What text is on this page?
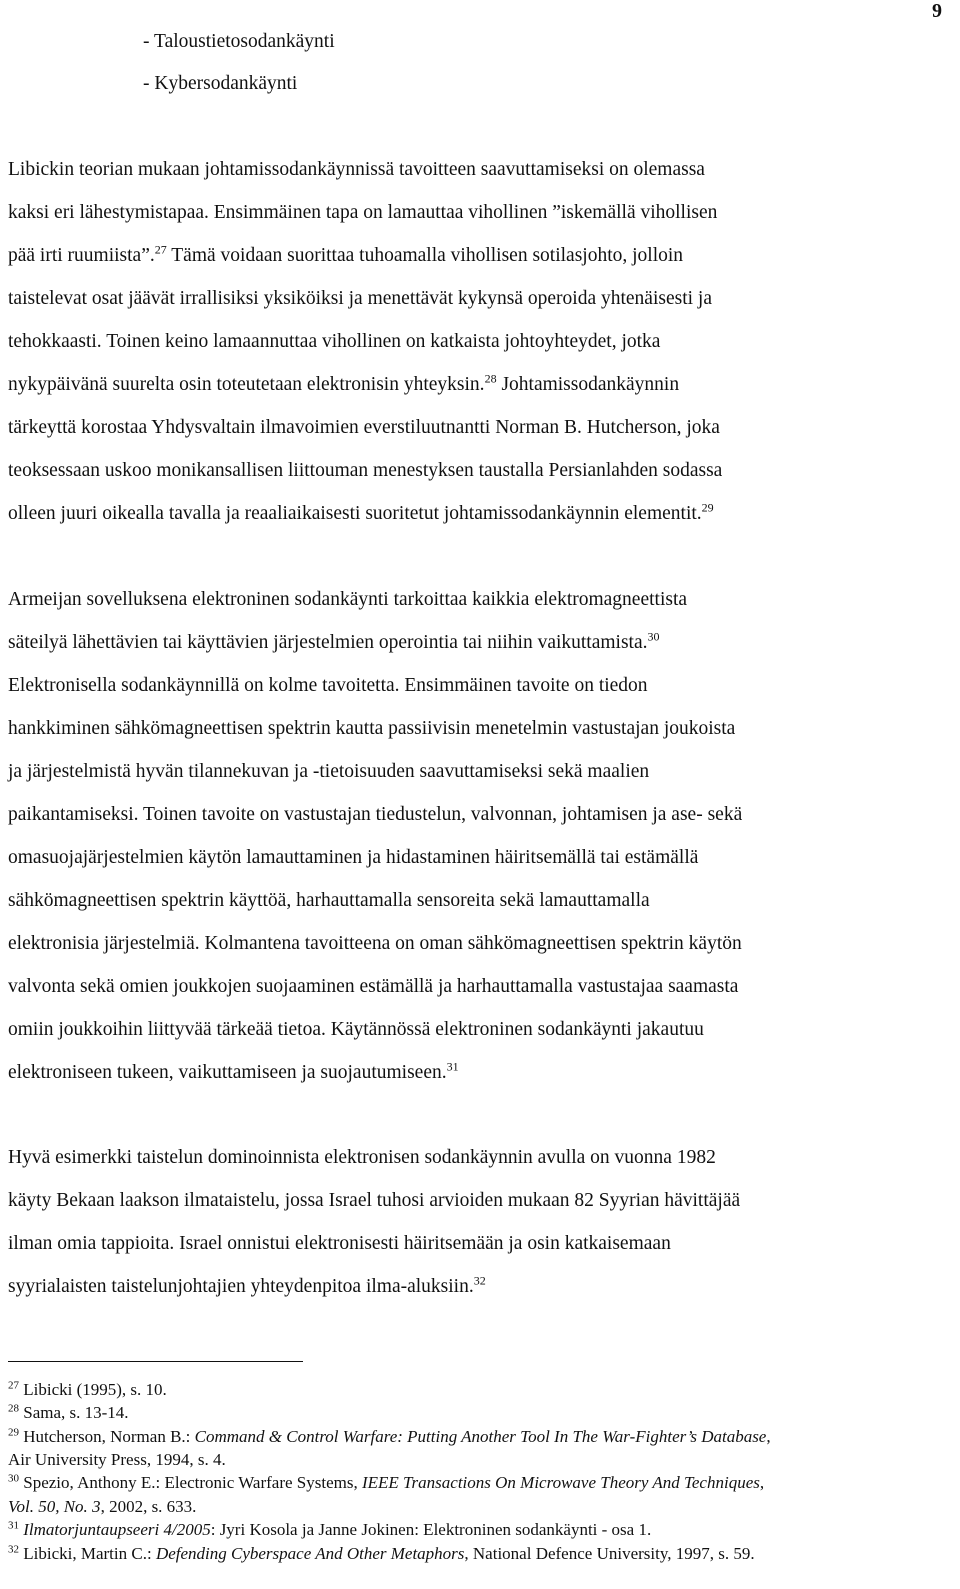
9
- Taloustietosodankäynti
- Kybersodankäynti
Libickin teorian mukaan johtamissodankäynnissä tavoitteen saavuttamiseksi on olemassa
kaksi eri lähestymistapaa. Ensimmäinen tapa on lamauttaa vihollinen ”iskemällä vihollisen
pää irti ruumiista”.$^{27}$ Tämä voidaan suorittaa tuhoamalla vihollisen sotilasjohto, jolloin
taistelevat osat jäävät irrallisiksi yksiköiksi ja menettävät kykynsä operoida yhtenäisesti ja
tehokkaasti. Toinen keino lamaannuttaa vihollinen on katkaista johtoyhteydet, jotka
nykypäivänä suurelta osin toteutetaan elektronisin yhteyksin.$^{28}$ Johtamissodankäynnin
tärkeyttä korostaa Yhdysvaltain ilmavoimien everstiluutnantti Norman B. Hutcherson, joka
teoksessaan uskoo monikansallisen liittouman menestyksen taustalla Persianlahden sodassa
olleen juuri oikealla tavalla ja reaaliaikaisesti suoritetut johtamissodankäynnin elementit.$^{29}$
Armeijan sovelluksena elektroninen sodankäynti tarkoittaa kaikkia elektromagneettista
säteilyä lähettävien tai käyttävien järjestelmien operointia tai niihin vaikuttamista.$^{30}$
Elektronisella sodankäynnillä on kolme tavoitetta. Ensimmäinen tavoite on tiedon
hankkiminen sähkömagneettisen spektrin kautta passiivisin menetelmin vastustajan joukoista
ja järjestelmistä hyvän tilannekuvan ja -tietoisuuden saavuttamiseksi sekä maalien
paikantamiseksi. Toinen tavoite on vastustajan tiedustelun, valvonnan, johtamisen ja ase- sekä
omasuojajärjestelmien käytön lamauttaminen ja hidastaminen häiritsemällä tai estämällä
sähkömagneettisen spektrin käyttöä, harhauttamalla sensoreita sekä lamauttamalla
elektronisia järjestelmiä. Kolmantena tavoitteena on oman sähkömagneettisen spektrin käytön
valvonta sekä omien joukkojen suojaaminen estämällä ja harhauttamalla vastustajaa saamasta
omiin joukkoihin liittyvää tärkeää tietoa. Käytännössä elektroninen sodankäynti jakautuu
elektroniseen tukeen, vaikuttamiseen ja suojautumiseen.$^{31}$
Hyvä esimerkki taistelun dominoinnista elektronisen sodankäynnin avulla on vuonna 1982
käyty Bekaan laakson ilmataistelu, jossa Israel tuhosi arvioiden mukaan 82 Syyrian hävittäjää
ilman omia tappioita. Israel onnistui elektronisesti häiritsemään ja osin katkaisemaan
syyrialaisten taistelunjohtajien yhteydenpitoa ilma-aluksiin.$^{32}$
$^{27}$ Libicki (1995), s. 10.
$^{28}$ Sama, s. 13-14.
$^{29}$ Hutcherson, Norman B.: Command & Control Warfare: Putting Another Tool In The War-Fighter’s Database,
Air University Press, 1994, s. 4.
$^{30}$ Spezio, Anthony E.: Electronic Warfare Systems, IEEE Transactions On Microwave Theory And Techniques,
Vol. 50, No. 3, 2002, s. 633.
$^{31}$ Ilmatorjuntaupseeri 4/2005: Jyri Kosola ja Janne Jokinen: Elektroninen sodankäynti - osa 1.
$^{32}$ Libicki, Martin C.: Defending Cyberspace And Other Metaphors, National Defence University, 1997, s. 59.
